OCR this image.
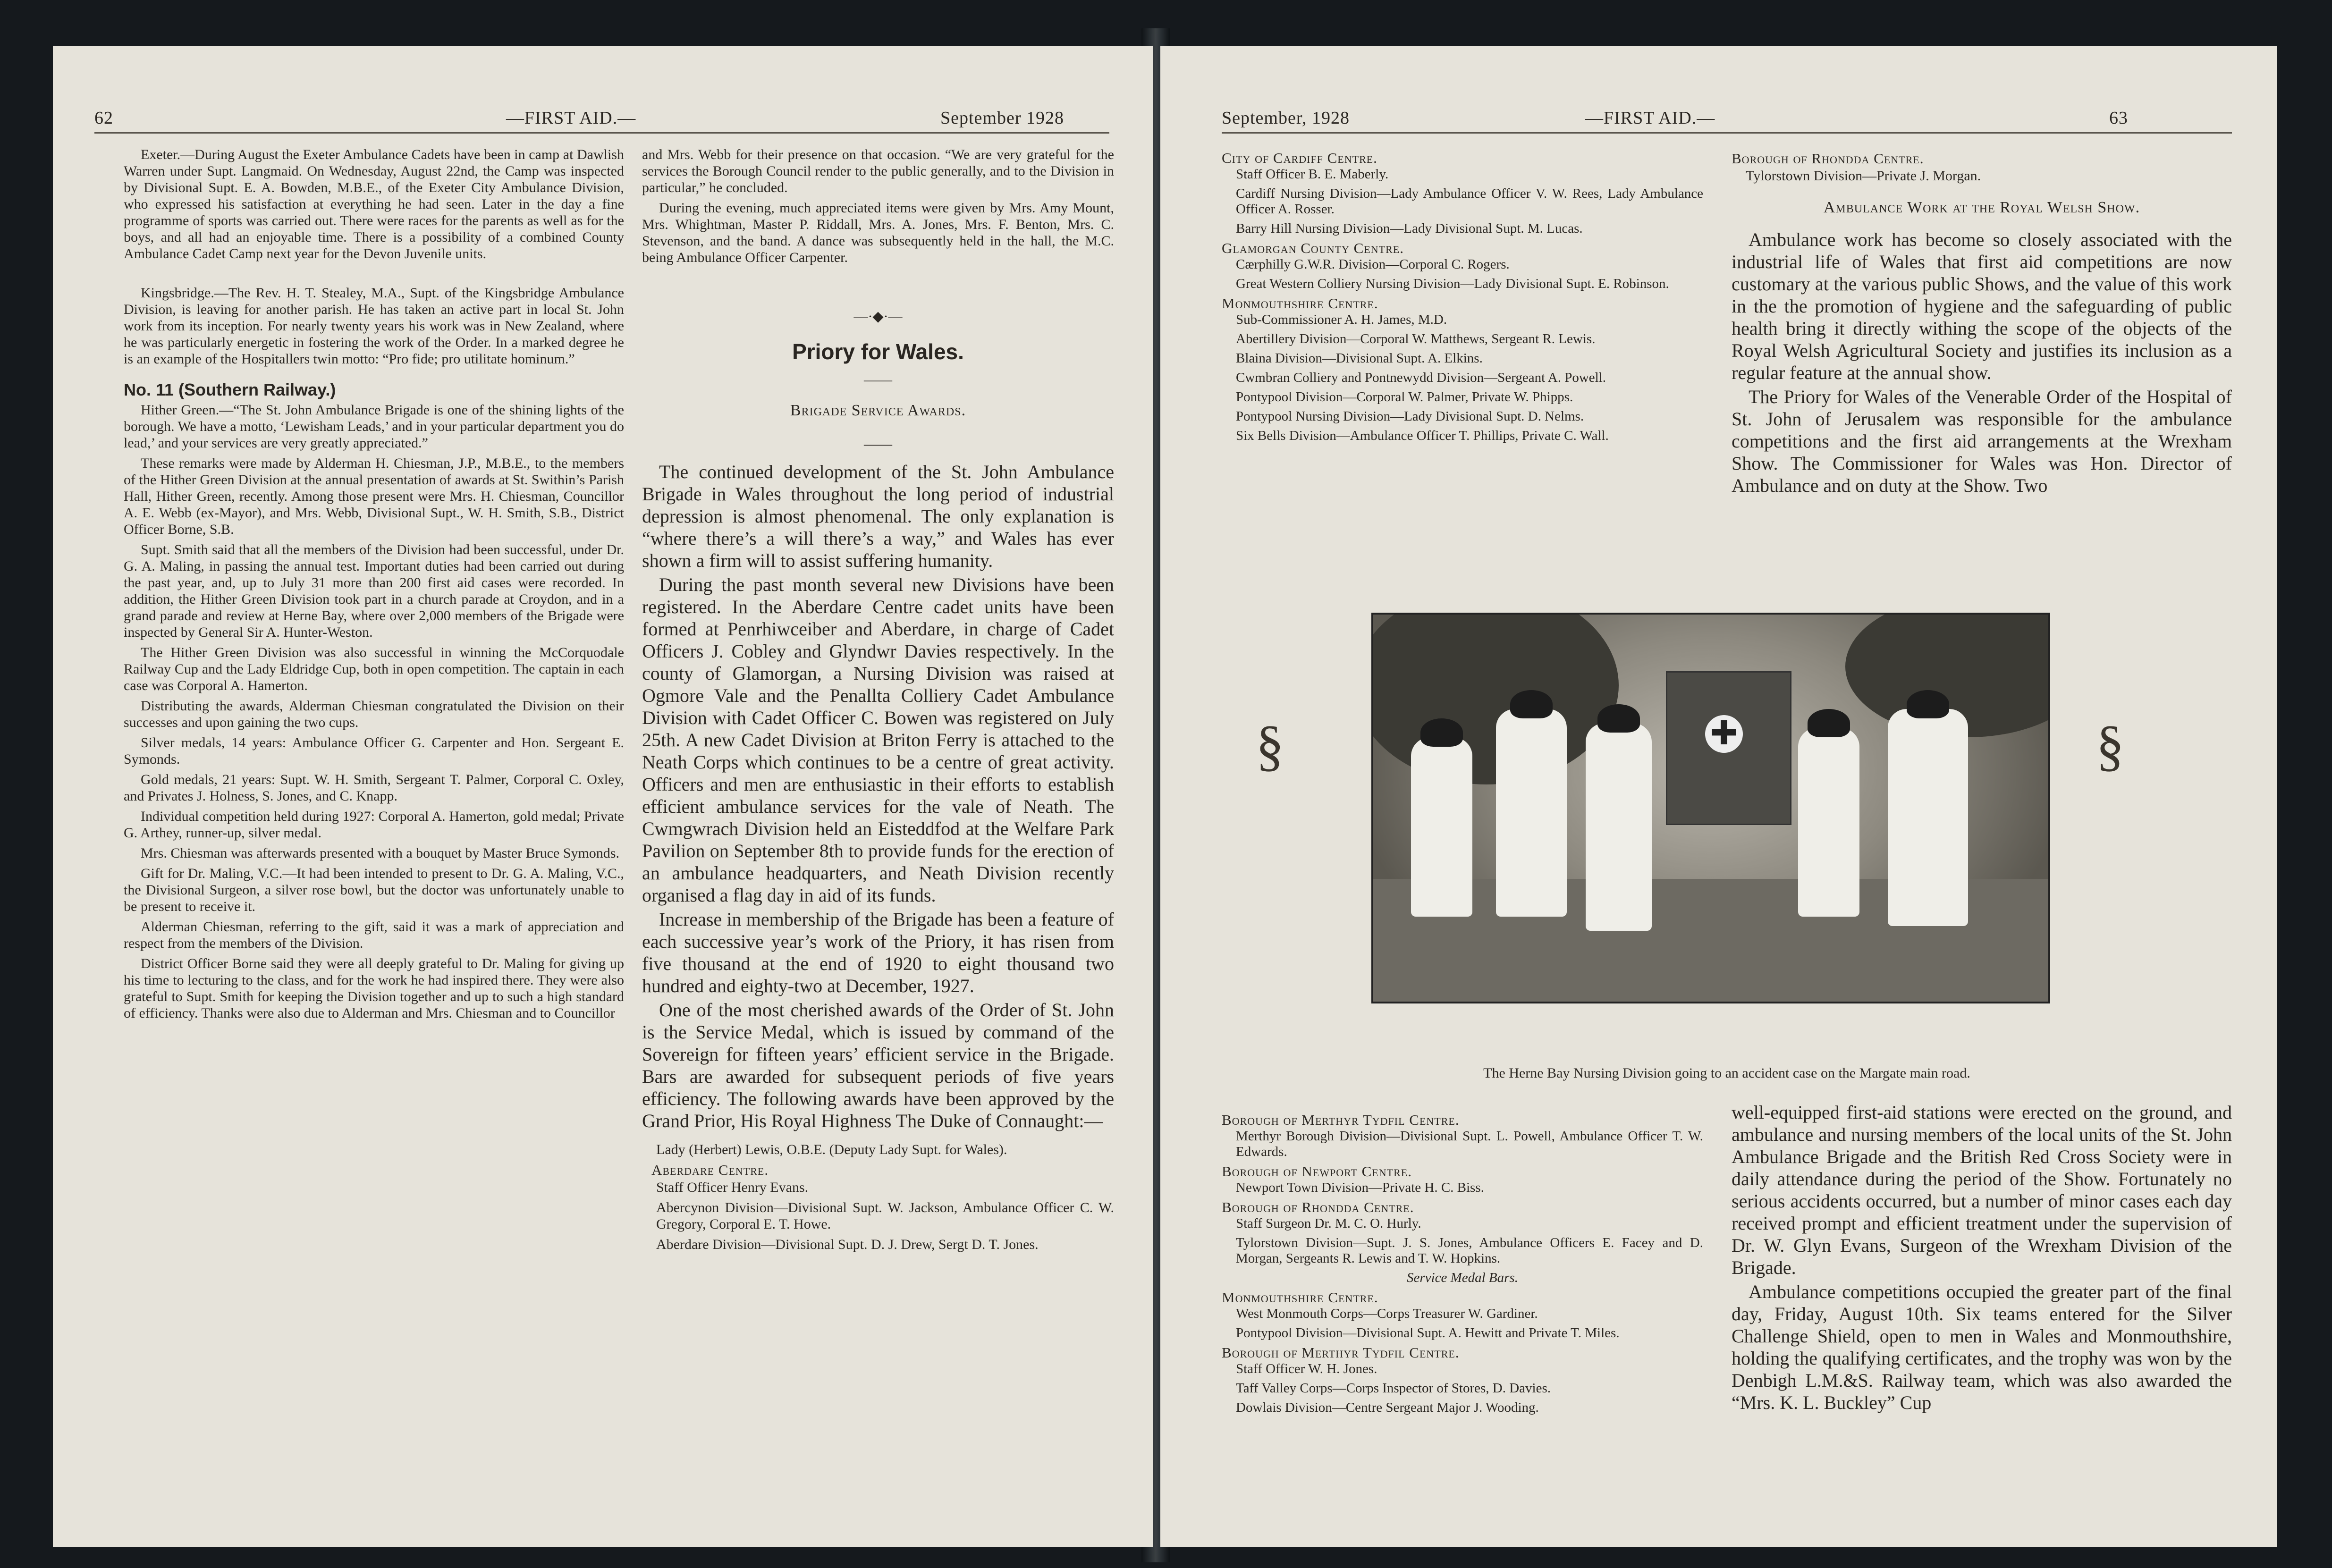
62	—FIRST AID.—	September 1928

Exeter.—During August the Exeter Ambulance Cadets have been in camp at Dawlish Warren under Supt. Langmaid. On Wednesday, August 22nd, the Camp was inspected by Divisional Supt. E. A. Bowden, M.B.E., of the Exeter City Ambulance Division, who expressed his satisfaction at everything he had seen. Later in the day a fine programme of sports was carried out. There were races for the parents as well as for the boys, and all had an enjoyable time. There is a possibility of a combined County Ambulance Cadet Camp next year for the Devon Juvenile units.

Kingsbridge.—The Rev. H. T. Stealey, M.A., Supt. of the Kingsbridge Ambulance Division, is leaving for another parish. He has taken an active part in local St. John work from its inception. For nearly twenty years his work was in New Zealand, where he was particularly energetic in fostering the work of the Order. In a marked degree he is an example of the Hospitallers twin motto: “Pro fide; pro utilitate hominum.”

No. 11 (Southern Railway.)

Hither Green.—“The St. John Ambulance Brigade is one of the shining lights of the borough. We have a motto, ‘Lewisham Leads,’ and in your particular department you do lead,’ and your services are very greatly appreciated.”

These remarks were made by Alderman H. Chiesman, J.P., M.B.E., to the members of the Hither Green Division at the annual presentation of awards at St. Swithin’s Parish Hall, Hither Green, recently. Among those present were Mrs. H. Chiesman, Councillor A. E. Webb (ex-Mayor), and Mrs. Webb, Divisional Supt., W. H. Smith, S.B., District Officer Borne, S.B.

Supt. Smith said that all the members of the Division had been successful, under Dr. G. A. Maling, in passing the annual test. Important duties had been carried out during the past year, and, up to July 31 more than 200 first aid cases were recorded. In addition, the Hither Green Division took part in a church parade at Croydon, and in a grand parade and review at Herne Bay, where over 2,000 members of the Brigade were inspected by General Sir A. Hunter-Weston.

The Hither Green Division was also successful in winning the McCorquodale Railway Cup and the Lady Eldridge Cup, both in open competition. The captain in each case was Corporal A. Hamerton.

Distributing the awards, Alderman Chiesman congratulated the Division on their successes and upon gaining the two cups.

Silver medals, 14 years: Ambulance Officer G. Carpenter and Hon. Sergeant E. Symonds.

Gold medals, 21 years: Supt. W. H. Smith, Sergeant T. Palmer, Corporal C. Oxley, and Privates J. Holness, S. Jones, and C. Knapp.

Individual competition held during 1927: Corporal A. Hamerton, gold medal; Private G. Arthey, runner-up, silver medal.

Mrs. Chiesman was afterwards presented with a bouquet by Master Bruce Symonds.

Gift for Dr. Maling, V.C.—It had been intended to present to Dr. G. A. Maling, V.C., the Divisional Surgeon, a silver rose bowl, but the doctor was unfortunately unable to be present to receive it.

Alderman Chiesman, referring to the gift, said it was a mark of appreciation and respect from the members of the Division.

District Officer Borne said they were all deeply grateful to Dr. Maling for giving up his time to lecturing to the class, and for the work he had inspired there. They were also grateful to Supt. Smith for keeping the Division together and up to such a high standard of efficiency. Thanks were also due to Alderman and Mrs. Chiesman and to Councillor

and Mrs. Webb for their presence on that occasion. “We are very grateful for the services the Borough Council render to the public generally, and to the Division in particular,” he concluded.

During the evening, much appreciated items were given by Mrs. Amy Mount, Mrs. Whightman, Master P. Riddall, Mrs. A. Jones, Mrs. F. Benton, Mrs. C. Stevenson, and the band. A dance was subsequently held in the hall, the M.C. being Ambulance Officer Carpenter.

—·◆·—
Priory for Wales.
——
Brigade Service Awards.
——

The continued development of the St. John Ambulance Brigade in Wales throughout the long period of industrial depression is almost phenomenal. The only explanation is “where there’s a will there’s a way,” and Wales has ever shown a firm will to assist suffering humanity.

During the past month several new Divisions have been registered. In the Aberdare Centre cadet units have been formed at Penrhiwceiber and Aberdare, in charge of Cadet Officers J. Cobley and Glyndwr Davies respectively. In the county of Glamorgan, a Nursing Division was raised at Ogmore Vale and the Penallta Colliery Cadet Ambulance Division with Cadet Officer C. Bowen was registered on July 25th. A new Cadet Division at Briton Ferry is attached to the Neath Corps which continues to be a centre of great activity. Officers and men are enthusiastic in their efforts to establish efficient ambulance services for the vale of Neath. The Cwmgwrach Division held an Eisteddfod at the Welfare Park Pavilion on September 8th to provide funds for the erection of an ambulance headquarters, and Neath Division recently organised a flag day in aid of its funds.

Increase in membership of the Brigade has been a feature of each successive year’s work of the Priory, it has risen from five thousand at the end of 1920 to eight thousand two hundred and eighty-two at December, 1927.

One of the most cherished awards of the Order of St. John is the Service Medal, which is issued by command of the Sovereign for fifteen years’ efficient service in the Brigade. Bars are awarded for subsequent periods of five years efficiency. The following awards have been approved by the Grand Prior, His Royal Highness The Duke of Connaught:—

Lady (Herbert) Lewis, O.B.E. (Deputy Lady Supt. for Wales).

Aberdare Centre.

Staff Officer Henry Evans.

Abercynon Division—Divisional Supt. W. Jackson, Ambulance Officer C. W. Gregory, Corporal E. T. Howe.

Aberdare Division—Divisional Supt. D. J. Drew, Sergt D. T. Jones.

September, 1928	—FIRST AID.—	63
City of Cardiff Centre.

Staff Officer B. E. Maberly.

Cardiff Nursing Division—Lady Ambulance Officer V. W. Rees, Lady Ambulance Officer A. Rosser.

Barry Hill Nursing Division—Lady Divisional Supt. M. Lucas.

Glamorgan County Centre.

Cærphilly G.W.R. Division—Corporal C. Rogers.

Great Western Colliery Nursing Division—Lady Divisional Supt. E. Robinson.

Monmouthshire Centre.

Sub-Commissioner A. H. James, M.D.

Abertillery Division—Corporal W. Matthews, Sergeant R. Lewis.

Blaina Division—Divisional Supt. A. Elkins.

Cwmbran Colliery and Pontnewydd Division—Sergeant A. Powell.

Pontypool Division—Corporal W. Palmer, Private W. Phipps.

Pontypool Nursing Division—Lady Divisional Supt. D. Nelms.

Six Bells Division—Ambulance Officer T. Phillips, Private C. Wall.

Borough of Rhondda Centre.

Tylorstown Division—Private J. Morgan.

Ambulance Work at the Royal Welsh Show.

Ambulance work has become so closely associated with the industrial life of Wales that first aid competitions are now customary at the various public Shows, and the value of this work in the the promotion of hygiene and the safeguarding of public health bring it directly withing the scope of the objects of the Royal Welsh Agricultural Society and justifies its inclusion as a regular feature at the annual show.

The Priory for Wales of the Venerable Order of the Hospital of St. John of Jerusalem was responsible for the ambulance competitions and the first aid arrangements at the Wrexham Show. The Commissioner for Wales was Hon. Director of Ambulance and on duty at the Show. Two

Borough of Merthyr Tydfil Centre.

Merthyr Borough Division—Divisional Supt. L. Powell, Ambulance Officer T. W. Edwards.

Borough of Newport Centre.

Newport Town Division—Private H. C. Biss.

Borough of Rhondda Centre.

Staff Surgeon Dr. M. C. O. Hurly.

Tylorstown Division—Supt. J. S. Jones, Ambulance Officers E. Facey and D. Morgan, Sergeants R. Lewis and T. W. Hopkins.

Service Medal Bars.
Monmouthshire Centre.

West Monmouth Corps—Corps Treasurer W. Gardiner.

Pontypool Division—Divisional Supt. A. Hewitt and Private T. Miles.

Borough of Merthyr Tydfil Centre.

Staff Officer W. H. Jones.

Taff Valley Corps—Corps Inspector of Stores, D. Davies.

Dowlais Division—Centre Sergeant Major J. Wooding.

well-equipped first-aid stations were erected on the ground, and ambulance and nursing members of the local units of the St. John Ambulance Brigade and the British Red Cross Society were in daily attendance during the period of the Show. Fortunately no serious accidents occurred, but a number of minor cases each day received prompt and efficient treatment under the supervision of Dr. W. Glyn Evans, Surgeon of the Wrexham Division of the Brigade.

Ambulance competitions occupied the greater part of the final day, Friday, August 10th. Six teams entered for the Silver Challenge Shield, open to men in Wales and Monmouthshire, holding the qualifying certificates, and the trophy was won by the Denbigh L.M.&S. Railway team, which was also awarded the “Mrs. K. L. Buckley” Cup

The Herne Bay Nursing Division going to an accident case on the Margate main road.
✚
§	§
